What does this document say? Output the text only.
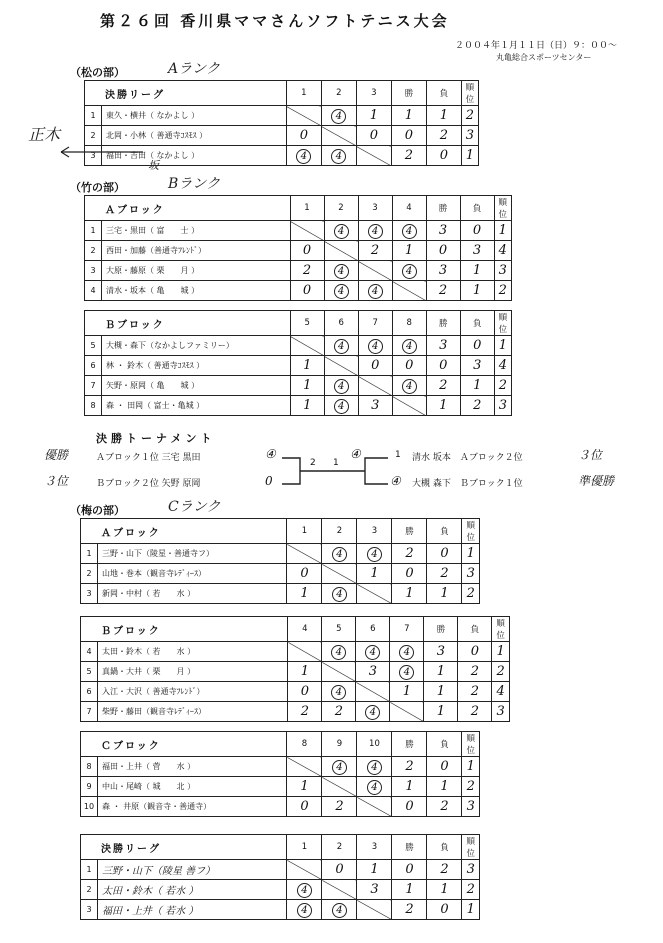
第２６回 香川県ママさんソフトテニス大会
２００４年１月１１日（日）９：００～
丸亀総合スポーツセンター
（松の部）	Aランク
正木
坂
決勝リーグ		1	2	3	勝	負	順位
1	東久・横井（ なかよし ）		4	1	1	1	2
2	北岡・小林（ 善通寺ｺｽﾓｽ ）	0		0	0	2	3
3	福田・吉田（ なかよし ）	4	4		2	0	1
（竹の部）	Bランク
Ａブロック		1	2	3	4	勝	負	順位
1	三宅・黒田（ 富　　士 ）		4	4	4	3	0	1
2	西田・加藤（善通寺ﾌﾚﾝﾄﾞ）	0		2	1	0	3	4
3	大原・藤原（ 栗　　月 ）	2	4		4	3	1	3
4	清水・坂本（ 亀　　城 ）	0	4	4		2	1	2
Ｂブロック		5	6	7	8	勝	負	順位
5	大槻・森下（なかよしファミリー）		4	4	4	3	0	1
6	林 ・ 鈴木（ 善通寺ｺｽﾓｽ ）	1		0	0	0	3	4
7	矢野・原岡（ 亀　　城 ）	1	4		4	2	1	2
8	森 ・ 田岡（ 富士・亀城 ）	1	4	3		1	2	3
決勝トーナメント
優勝
３位
Ａブロック１位 三宅 黒田
Ｂブロック２位 矢野 原岡
④
0
2 1
④	1
④
清水 坂本　Ａブロック２位
大槻 森下　Ｂブロック１位
３位
準優勝
（梅の部）	Cランク
Ａブロック		1	2	3	勝	負	順位
1	三野・山下（陵星・善通寺フ）		4	4	2	0	1
2	山地・巻本（観音寺ﾚﾃﾞｨｰｽ）	0		1	0	2	3
3	新岡・中村（ 若　　水 ）	1	4		1	1	2
Ｂブロック		4	5	6	7	勝	負	順位
4	太田・鈴木（ 若　　水 ）		4	4	4	3	0	1
5	真鍋・大井（ 栗　　月 ）	1		3	4	1	2	2
6	入江・大沢（ 善通寺ﾌﾚﾝﾄﾞ）	0	4		1	1	2	4
7	柴野・藤田（観音寺ﾚﾃﾞｨｰｽ）	2	2	4		1	2	3
Ｃブロック		8	9	10	勝	負	順位
8	福田・上井（ 菅　　水 ）		4	4	2	0	1
9	中山・尾崎（ 城　　北 ）	1		4	1	1	2
10	森 ・ 井原（観音寺・善通寺）	0	2		0	2	3
決勝リーグ		1	2	3	勝	負	順位
1	三野・山下（陵星 善フ）		0	1	0	2	3
2	太田・鈴木（ 若水 ）	4		3	1	1	2
3	福田・上井（ 若水 ）	4	4		2	0	1
